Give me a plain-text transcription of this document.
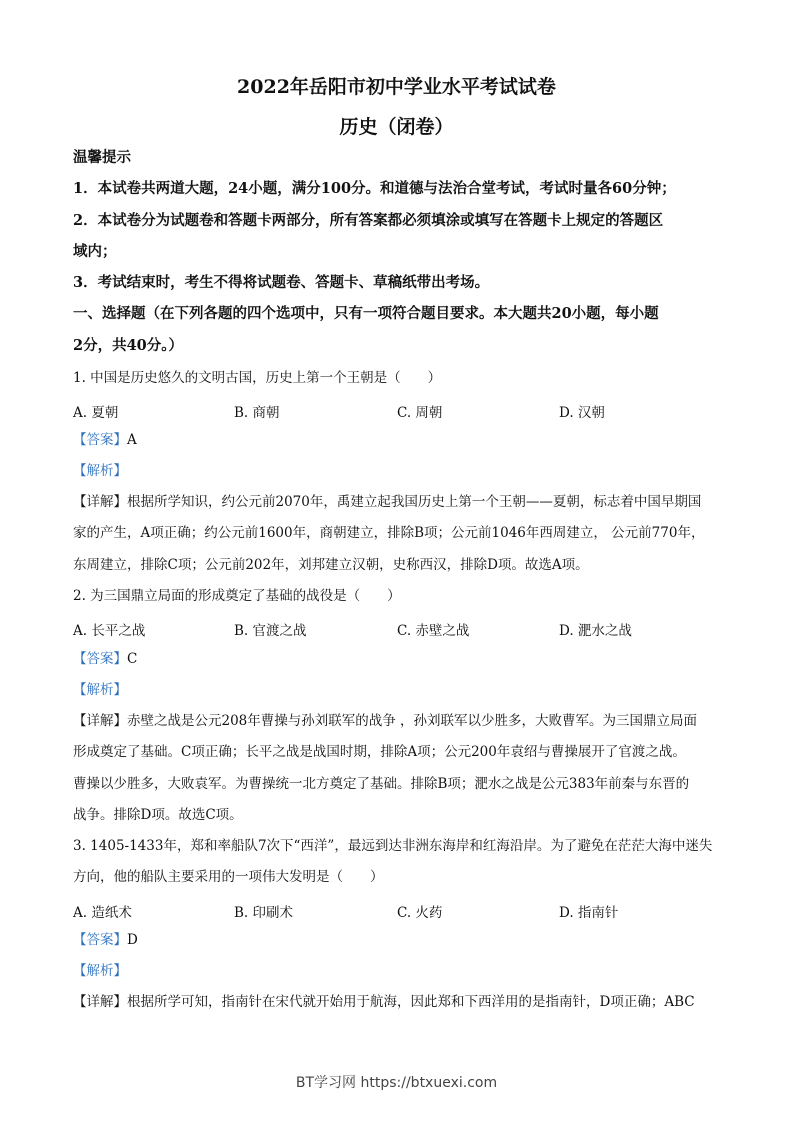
2022年岳阳市初中学业水平考试试卷
历史（闭卷）
温馨提示
1．本试卷共两道大题，24小题，满分100分。和道德与法治合堂考试，考试时量各60分钟；
2．本试卷分为试题卷和答题卡两部分，所有答案都必须填涂或填写在答题卡上规定的答题区
域内；
3．考试结束时，考生不得将试题卷、答题卡、草稿纸带出考场。
一、选择题（在下列各题的四个选项中，只有一项符合题目要求。本大题共20小题，每小题
2分，共40分。）
1. 中国是历史悠久的文明古国，历史上第一个王朝是（　　）
A. 夏朝	B. 商朝	C. 周朝	D. 汉朝
【答案】A
【解析】
【详解】根据所学知识，约公元前2070年，禹建立起我国历史上第一个王朝——夏朝，标志着中国早期国
家的产生，A项正确；约公元前1600年，商朝建立，排除B项；公元前1046年西周建立， 公元前770年，
东周建立，排除C项；公元前202年，刘邦建立汉朝，史称西汉，排除D项。故选A项。
2. 为三国鼎立局面的形成奠定了基础的战役是（　　）
A. 长平之战	B. 官渡之战	C. 赤壁之战	D. 淝水之战
【答案】C
【解析】
【详解】赤壁之战是公元208年曹操与孙刘联军的战争 ，孙刘联军以少胜多，大败曹军。为三国鼎立局面
形成奠定了基础。C项正确；长平之战是战国时期，排除A项；公元200年袁绍与曹操展开了官渡之战。
曹操以少胜多，大败袁军。为曹操统一北方奠定了基础。排除B项；淝水之战是公元383年前秦与东晋的
战争。排除D项。故选C项。
3. 1405-1433年，郑和率船队7次下“西洋”，最远到达非洲东海岸和红海沿岸。为了避免在茫茫大海中迷失
方向，他的船队主要采用的一项伟大发明是（　　）
A. 造纸术	B. 印刷术	C. 火药	D. 指南针
【答案】D
【解析】
【详解】根据所学可知，指南针在宋代就开始用于航海，因此郑和下西洋用的是指南针，D项正确；ABC
BT学习网 https://btxuexi.com
